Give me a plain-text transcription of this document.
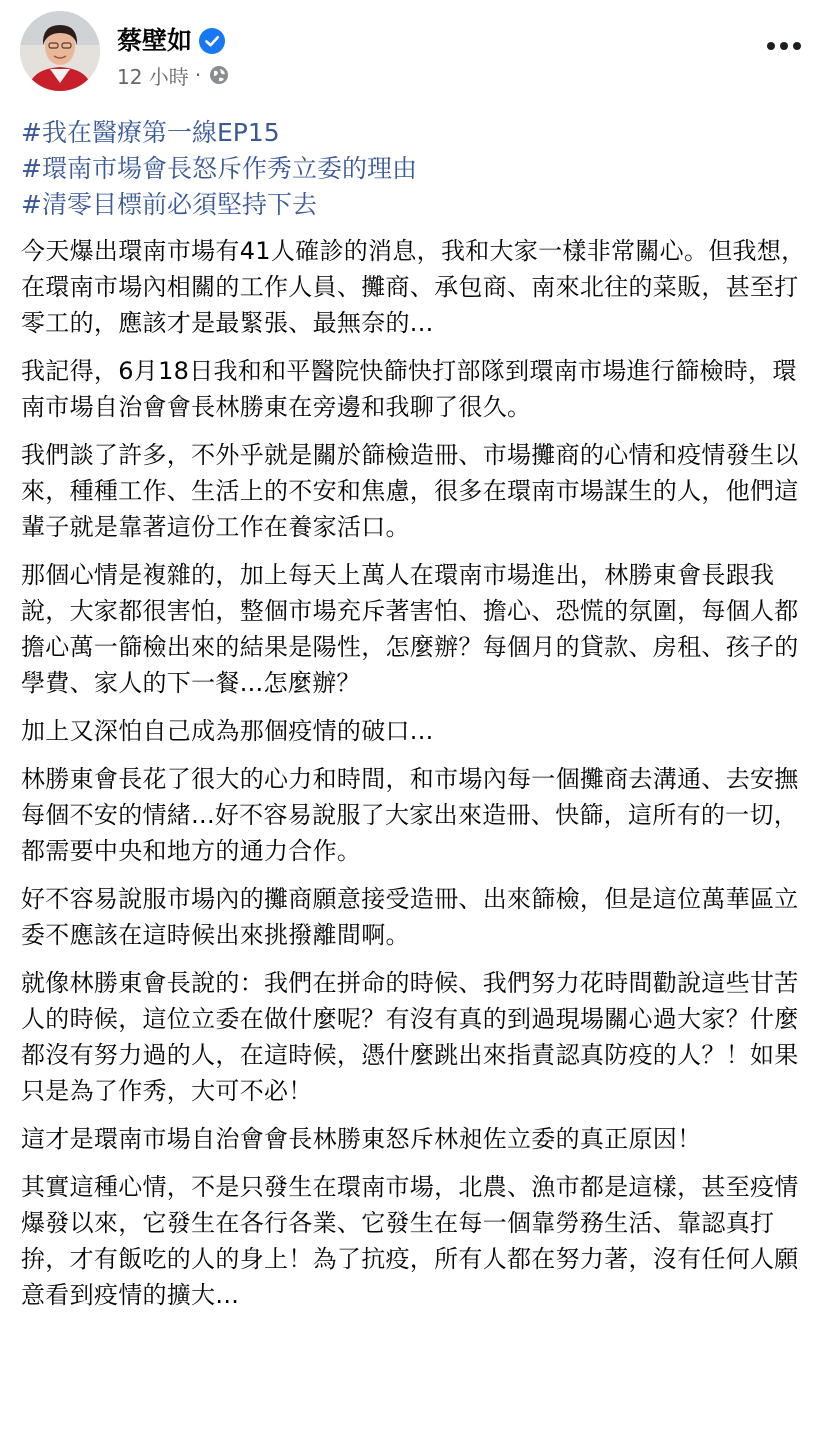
蔡壁如
12 小時 ·
#我在醫療第一線EP15
#環南市場會長怒斥作秀立委的理由
#清零目標前必須堅持下去

今天爆出環南市場有41人確診的消息，我和大家一樣非常關心。但我想，在環南市場內相關的工作人員、攤商、承包商、南來北往的菜販，甚至打零工的，應該才是最緊張、最無奈的...

我記得，6月18日我和和平醫院快篩快打部隊到環南市場進行篩檢時，環南市場自治會會長林勝東在旁邊和我聊了很久。

我們談了許多，不外乎就是關於篩檢造冊、市場攤商的心情和疫情發生以來，種種工作、生活上的不安和焦慮，很多在環南市場謀生的人，他們這輩子就是靠著這份工作在養家活口。

那個心情是複雜的，加上每天上萬人在環南市場進出，林勝東會長跟我說，大家都很害怕，整個市場充斥著害怕、擔心、恐慌的氛圍，每個人都擔心萬一篩檢出來的結果是陽性，怎麼辦？每個月的貸款、房租、孩子的學費、家人的下一餐...怎麼辦？

加上又深怕自己成為那個疫情的破口...

林勝東會長花了很大的心力和時間，和市場內每一個攤商去溝通、去安撫每個不安的情緒...好不容易說服了大家出來造冊、快篩，這所有的一切，都需要中央和地方的通力合作。

好不容易說服市場內的攤商願意接受造冊、出來篩檢，但是這位萬華區立委不應該在這時候出來挑撥離間啊。

就像林勝東會長說的：我們在拼命的時候、我們努力花時間勸說這些甘苦人的時候，這位立委在做什麼呢？有沒有真的到過現場關心過大家？什麼都沒有努力過的人，在這時候，憑什麼跳出來指責認真防疫的人？！如果只是為了作秀，大可不必！

這才是環南市場自治會會長林勝東怒斥林昶佐立委的真正原因！

其實這種心情，不是只發生在環南市場，北農、漁市都是這樣，甚至疫情爆發以來，它發生在各行各業、它發生在每一個靠勞務生活、靠認真打拚，才有飯吃的人的身上！為了抗疫，所有人都在努力著，沒有任何人願意看到疫情的擴大...
